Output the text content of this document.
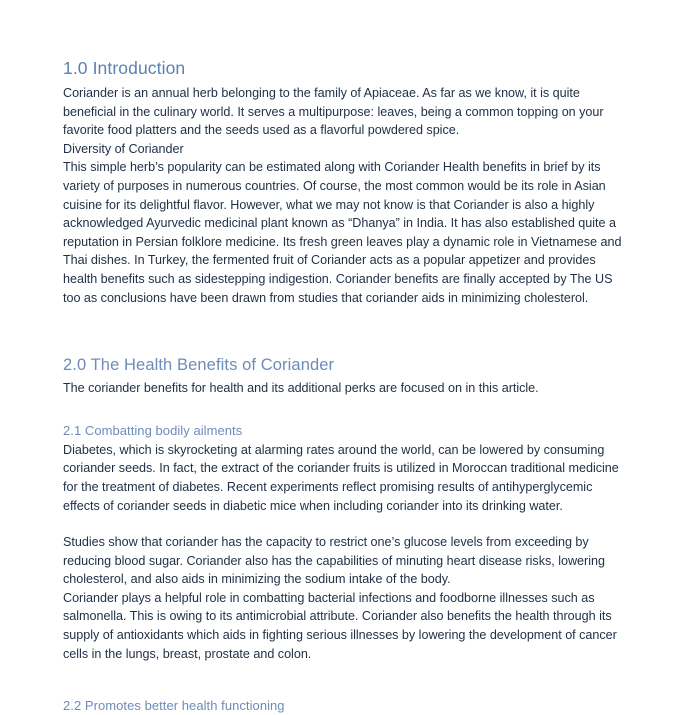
1.0 Introduction

Coriander is an annual herb belonging to the family of Apiaceae. As far as we know, it is quite beneficial in the culinary world. It serves a multipurpose: leaves, being a common topping on your favorite food platters and the seeds used as a flavorful powdered spice.

Diversity of Coriander

This simple herb’s popularity can be estimated along with Coriander Health benefits in brief by its variety of purposes in numerous countries. Of course, the most common would be its role in Asian cuisine for its delightful flavor. However, what we may not know is that Coriander is also a highly acknowledged Ayurvedic medicinal plant known as “Dhanya” in India. It has also established quite a reputation in Persian folklore medicine. Its fresh green leaves play a dynamic role in Vietnamese and Thai dishes. In Turkey, the fermented fruit of Coriander acts as a popular appetizer and provides health benefits such as sidestepping indigestion. Coriander benefits are finally accepted by The US too as conclusions have been drawn from studies that coriander aids in minimizing cholesterol.

2.0 The Health Benefits of Coriander

The coriander benefits for health and its additional perks are focused on in this article.

2.1 Combatting bodily ailments

Diabetes, which is skyrocketing at alarming rates around the world, can be lowered by consuming coriander seeds. In fact, the extract of the coriander fruits is utilized in Moroccan traditional medicine for the treatment of diabetes. Recent experiments reflect promising results of antihyperglycemic effects of coriander seeds in diabetic mice when including coriander into its drinking water.

Studies show that coriander has the capacity to restrict one’s glucose levels from exceeding by reducing blood sugar. Coriander also has the capabilities of minuting heart disease risks, lowering cholesterol, and also aids in minimizing the sodium intake of the body.

Coriander plays a helpful role in combatting bacterial infections and foodborne illnesses such as salmonella. This is owing to its antimicrobial attribute. Coriander also benefits the health through its supply of antioxidants which aids in fighting serious illnesses by lowering the development of cancer cells in the lungs, breast, prostate and colon.

2.2 Promotes better health functioning
